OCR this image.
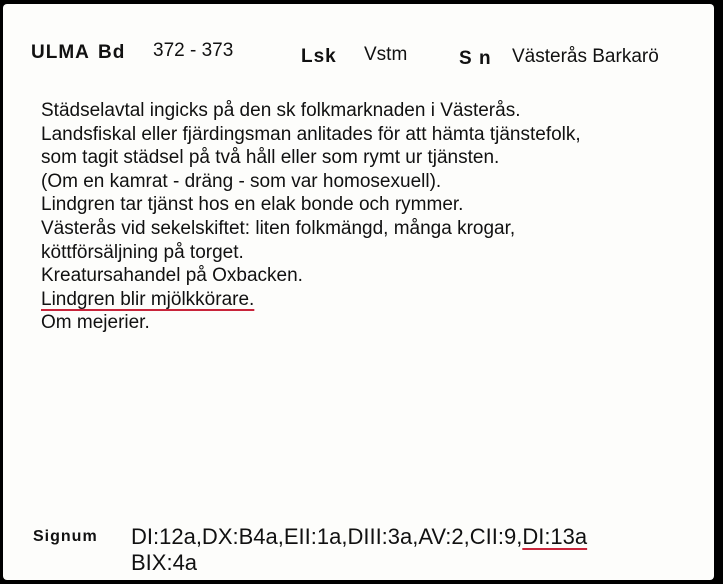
ULMA Bd 372 - 373	Lsk Vstm	S n Västerås Barkarö
Städselavtal ingicks på den sk folkmarknaden i Västerås.
Landsfiskal eller fjärdingsman anlitades för att hämta tjänstefolk,
som tagit städsel på två håll eller som rymt ur tjänsten.
(Om en kamrat - dräng - som var homosexuell).
Lindgren tar tjänst hos en elak bonde och rymmer.
Västerås vid sekelskiftet: liten folkmängd, många krogar,
köttförsäljning på torget.
Kreatursahandel på Oxbacken.
Lindgren blir mjölkkörare.
Om mejerier.
Signum DI:12a,DX:B4a,EII:1a,DIII:3a,AV:2,CII:9,DI:13a
BIX:4a
